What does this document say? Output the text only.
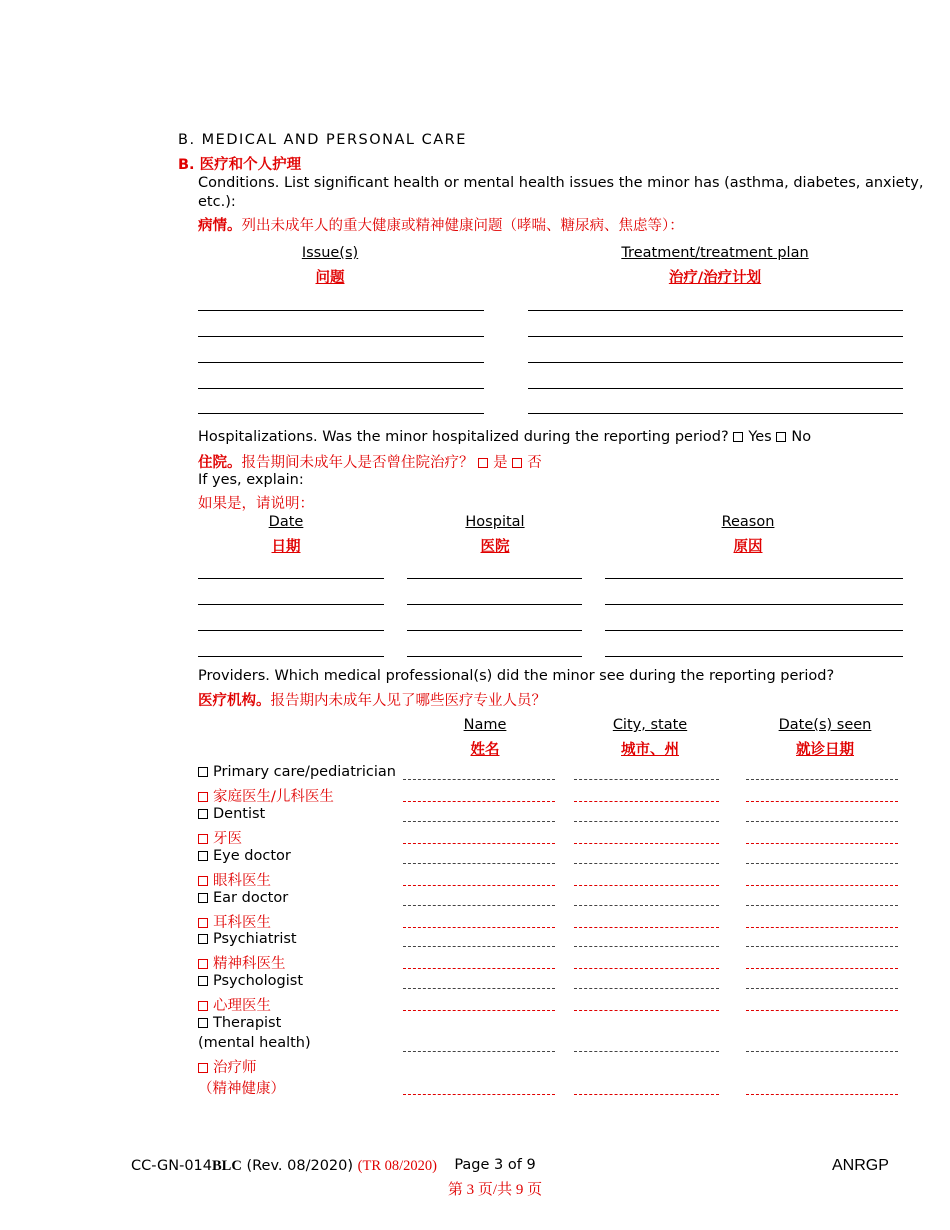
B. MEDICAL AND PERSONAL CARE
B. 医疗和个人护理
Conditions. List significant health or mental health issues the minor has (asthma, diabetes, anxiety,
etc.):
病情。列出未成年人的重大健康或精神健康问题（哮喘、糖尿病、焦虑等）：
Issue(s)
问题
Treatment/treatment plan
治疗/治疗计划
Hospitalizations. Was the minor hospitalized during the reporting period? Yes No
住院。报告期间未成年人是否曾住院治疗？ 是 否
If yes, explain:
如果是，请说明：
Date
日期
Hospital
医院
Reason
原因
Providers. Which medical professional(s) did the minor see during the reporting period?
医疗机构。报告期内未成年人见了哪些医疗专业人员？
Name
姓名
City, state
城市、州
Date(s) seen
就诊日期
Primary care/pediatrician
家庭医生/儿科医生
Dentist
牙医
Eye doctor
眼科医生
Ear doctor
耳科医生
Psychiatrist
精神科医生
Psychologist
心理医生
Therapist
(mental health)
治疗师
（精神健康）
CC-GN-014BLC (Rev. 08/2020) (TR 08/2020)	Page 3 of 9
第 3 页/共 9 页
ANRGP
